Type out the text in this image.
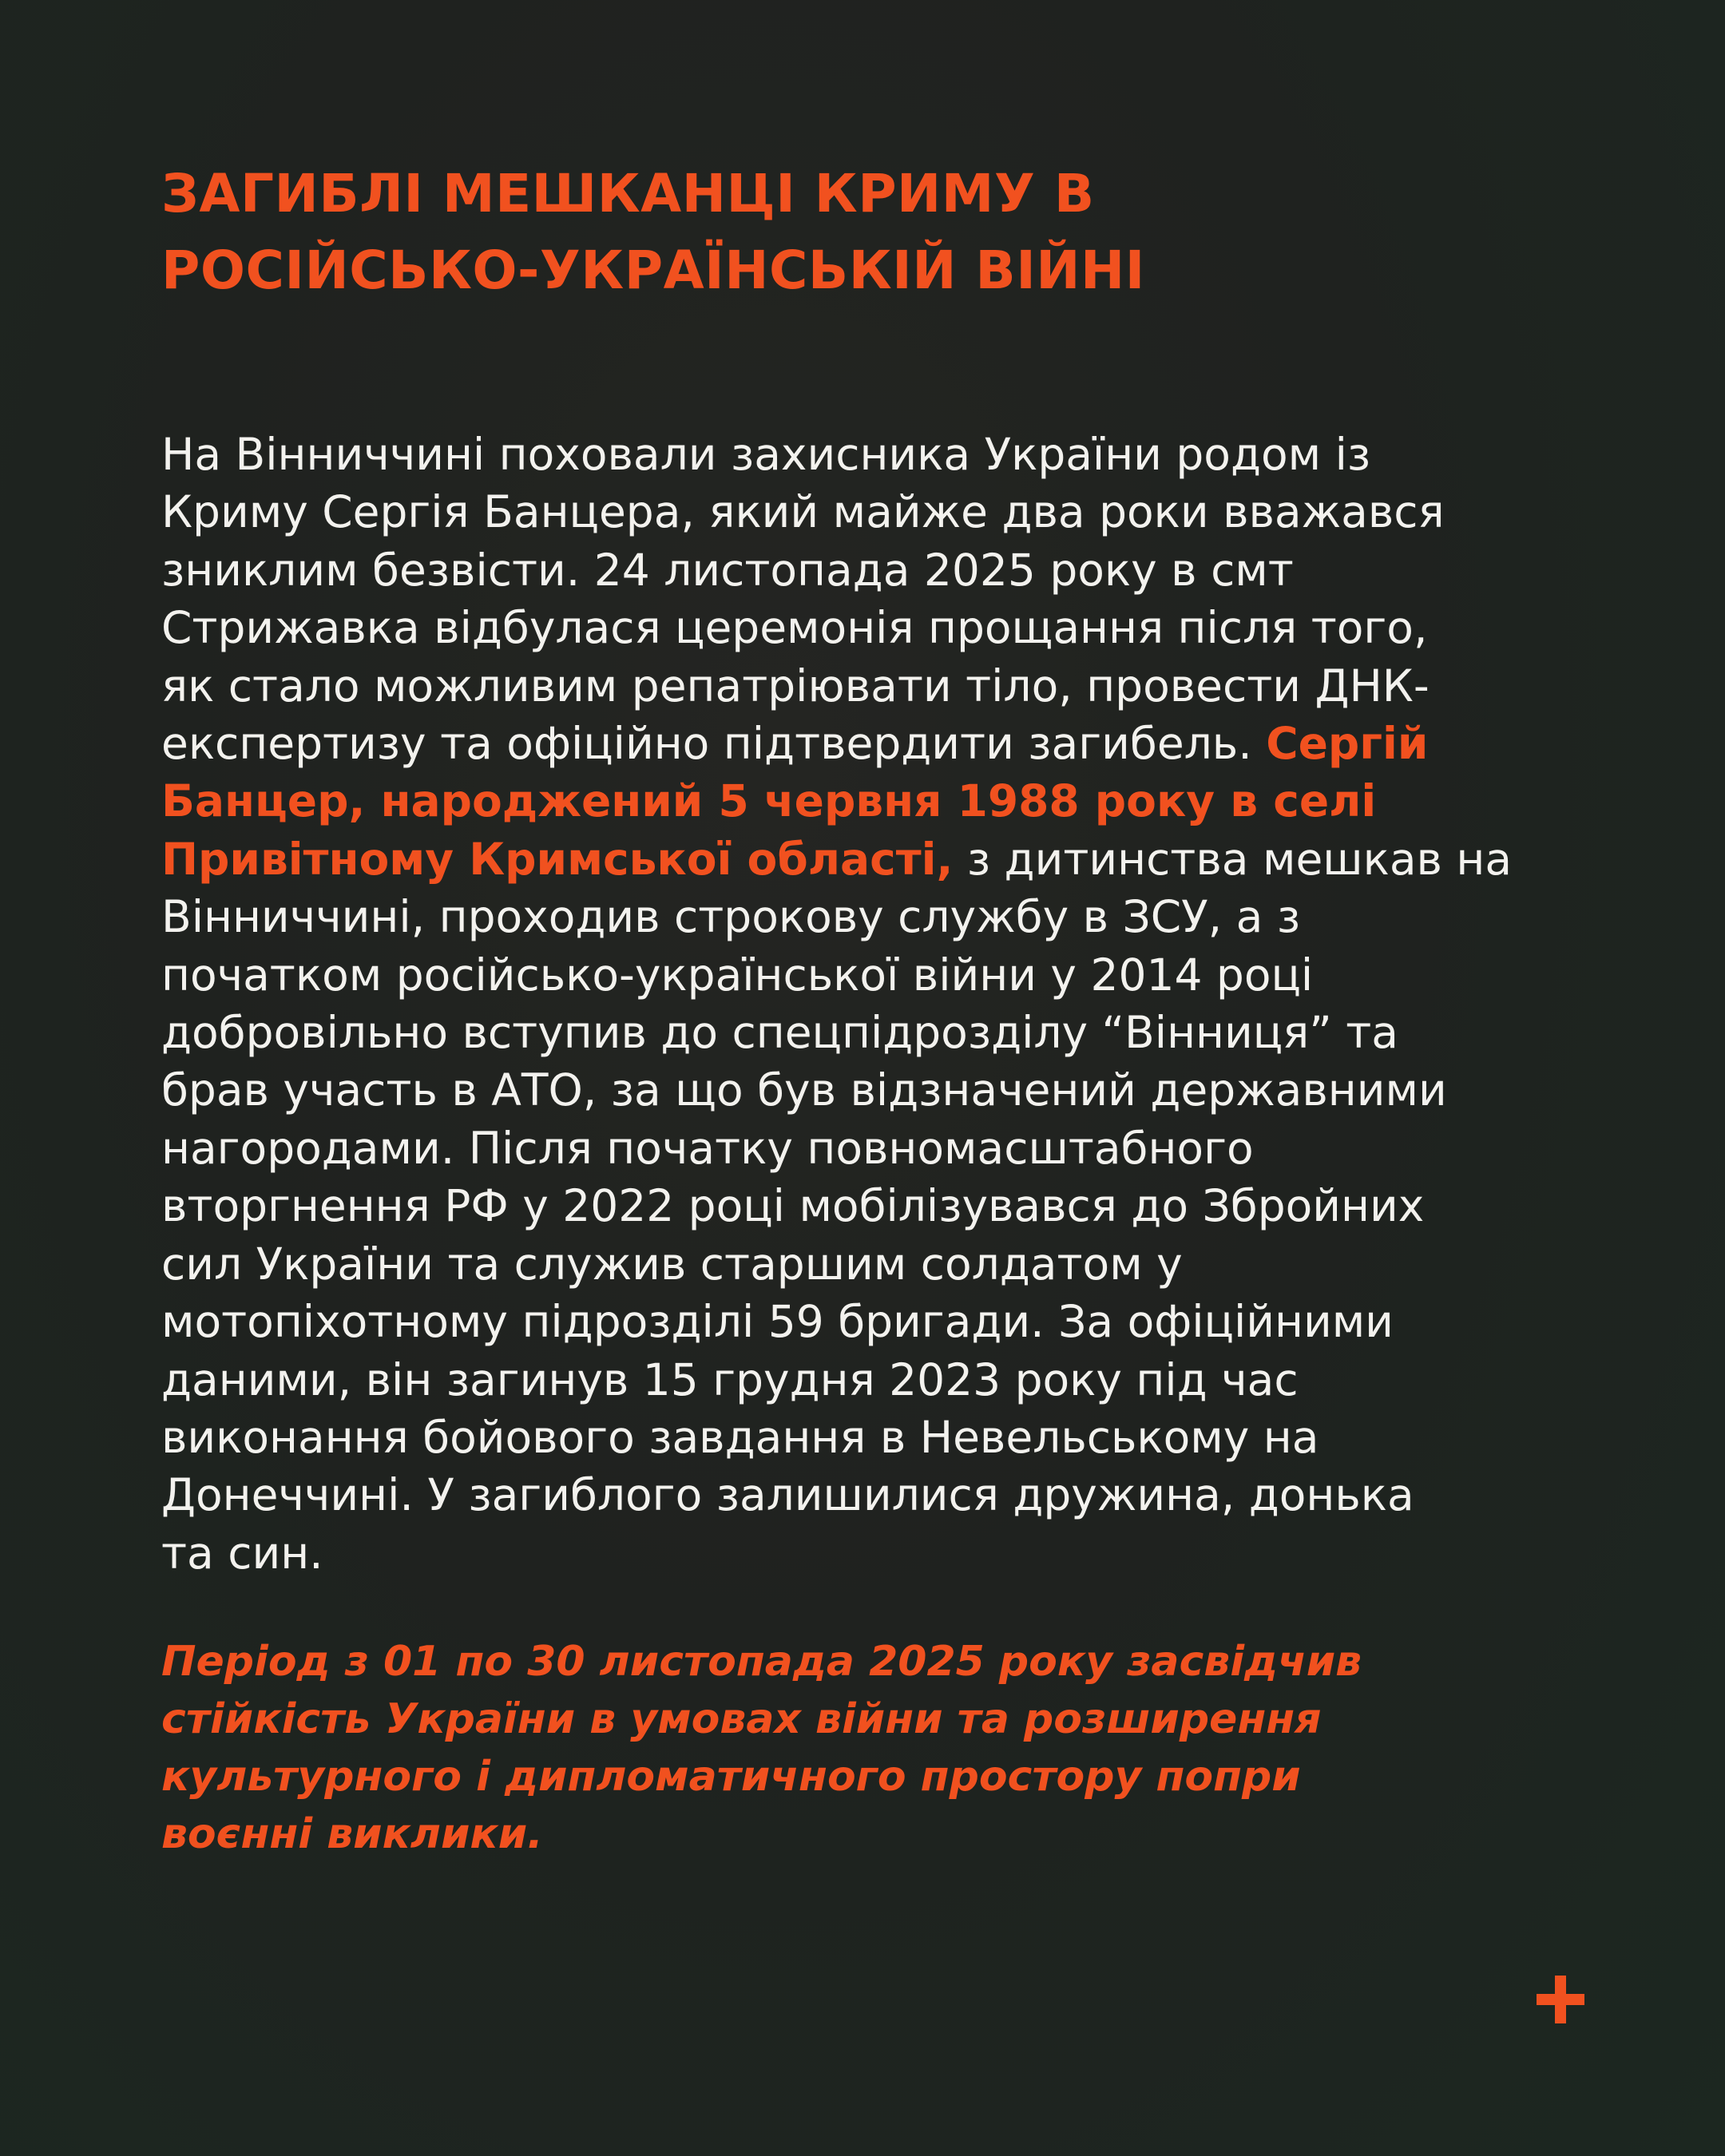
ЗАГИБЛІ МЕШКАНЦІ КРИМУ В
РОСІЙСЬКО-УКРАЇНСЬКІЙ ВІЙНІ
На Вінниччині поховали захисника України родом із
Криму Сергія Банцера, який майже два роки вважався
зниклим безвісти. 24 листопада 2025 року в смт
Стрижавка відбулася церемонія прощання після того,
як стало можливим репатріювати тіло, провести ДНК-
експертизу та офіційно підтвердити загибель. Сергій
Банцер, народжений 5 червня 1988 року в селі
Привітному Кримської області, з дитинства мешкав на
Вінниччині, проходив строкову службу в ЗСУ, а з
початком російсько-української війни у 2014 році
добровільно вступив до спецпідрозділу “Вінниця” та
брав участь в АТО, за що був відзначений державними
нагородами. Після початку повномасштабного
вторгнення РФ у 2022 році мобілізувався до Збройних
сил України та служив старшим солдатом у
мотопіхотному підрозділі 59 бригади. За офіційними
даними, він загинув 15 грудня 2023 року під час
виконання бойового завдання в Невельському на
Донеччині. У загиблого залишилися дружина, донька
та син.
Період з 01 по 30 листопада 2025 року засвідчив
стійкість України в умовах війни та розширення
культурного і дипломатичного простору попри
воєнні виклики.
